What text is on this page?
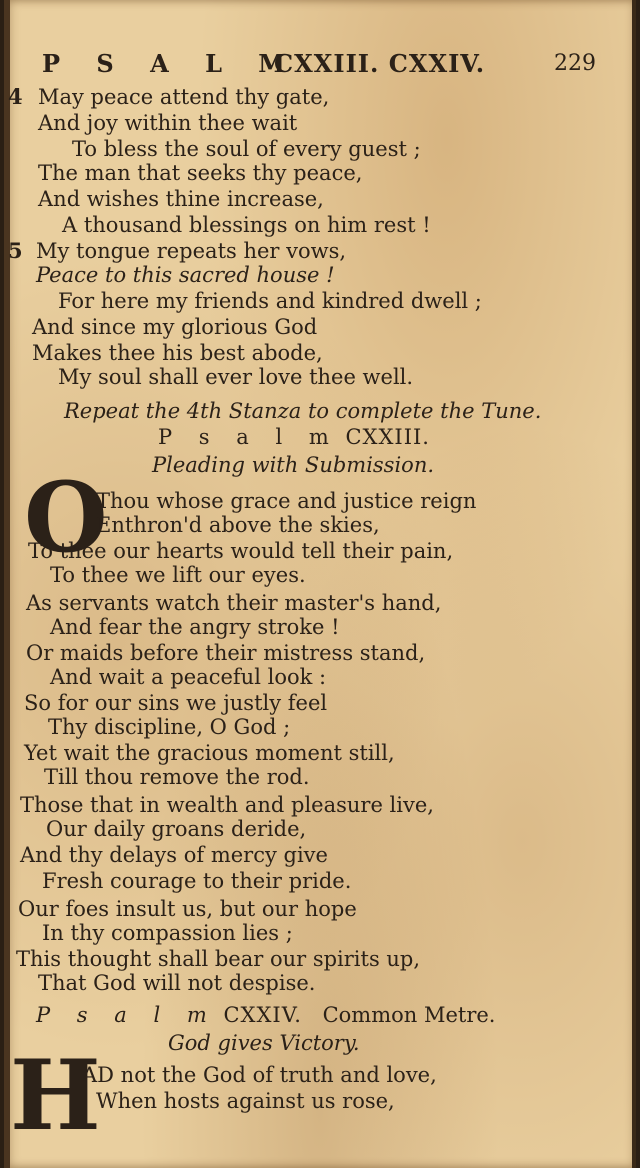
P S A L M
CXXIII. CXXIV.	229
4 May peace attend thy gate,
And joy within thee wait
To bless the soul of every guest ;
The man that seeks thy peace,
And wishes thine increase,
A thousand blessings on him rest !
5 My tongue repeats her vows,
Peace to this sacred house !
For here my friends and kindred dwell ;
And since my glorious God
Makes thee his best abode,
My soul shall ever love thee well.
Repeat the 4th Stanza to complete the Tune.
P s a l m CXXIII.
Pleading with Submission.
O
Thou whose grace and justice reign
Enthron'd above the skies,
To thee our hearts would tell their pain,
To thee we lift our eyes.
As servants watch their master's hand,
And fear the angry stroke !
Or maids before their mistress stand,
And wait a peaceful look :
So for our sins we justly feel
Thy discipline, O God ;
Yet wait the gracious moment still,
Till thou remove the rod.
Those that in wealth and pleasure live,
Our daily groans deride,
And thy delays of mercy give
Fresh courage to their pride.
Our foes insult us, but our hope
In thy compassion lies ;
This thought shall bear our spirits up,
That God will not despise.
P s a l m CXXIV. Common Metre.
God gives Victory.
H
AD not the God of truth and love,
When hosts against us rose,
